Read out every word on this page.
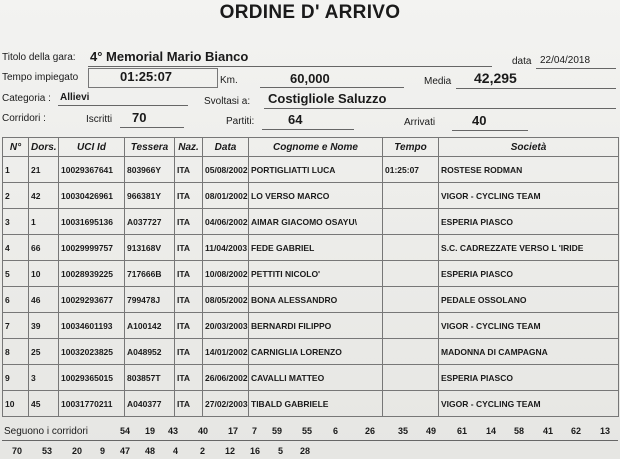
ORDINE D' ARRIVO
Titolo della gara: 4° Memorial Mario Bianco	data 22/04/2018
Tempo impiegato	01:25:07	Km.	60,000	Media 42,295
Categoria : Allievi	Svoltasi a: Costigliole Saluzzo
Corridori :	Iscritti 70	Partiti:	64	Arrivati	40
N°	Dors.	UCI Id	Tessera	Naz.	Data	Cognome e Nome	Tempo	Società
1	21	10029367641	803966Y	ITA	05/08/2002	PORTIGLIATTI LUCA	01:25:07	ROSTESE RODMAN
2	42	10030426961	966381Y	ITA	08/01/2002	LO VERSO MARCO		VIGOR - CYCLING TEAM
3	1	10031695136	A037727	ITA	04/06/2002	AIMAR GIACOMO OSAYU\		ESPERIA PIASCO
4	66	10029999757	913168V	ITA	11/04/2003	FEDE GABRIEL		S.C. CADREZZATE VERSO L 'IRIDE
5	10	10028939225	717666B	ITA	10/08/2002	PETTITI NICOLO'		ESPERIA PIASCO
6	46	10029293677	799478J	ITA	08/05/2002	BONA ALESSANDRO		PEDALE OSSOLANO
7	39	10034601193	A100142	ITA	20/03/2003	BERNARDI FILIPPO		VIGOR - CYCLING TEAM
8	25	10032023825	A048952	ITA	14/01/2002	CARNIGLIA LORENZO		MADONNA DI CAMPAGNA
9	3	10029365015	803857T	ITA	26/06/2002	CAVALLI MATTEO		ESPERIA PIASCO
10	45	10031770211	A040377	ITA	27/02/2003	TIBALD GABRIELE		VIGOR - CYCLING TEAM
Seguono i corridori	54 19 43 40 17 7 59 55 6	26	35 49 61 14 58 41 62 13
70 53 20 9 47 48 4 2 12 16 5 28
